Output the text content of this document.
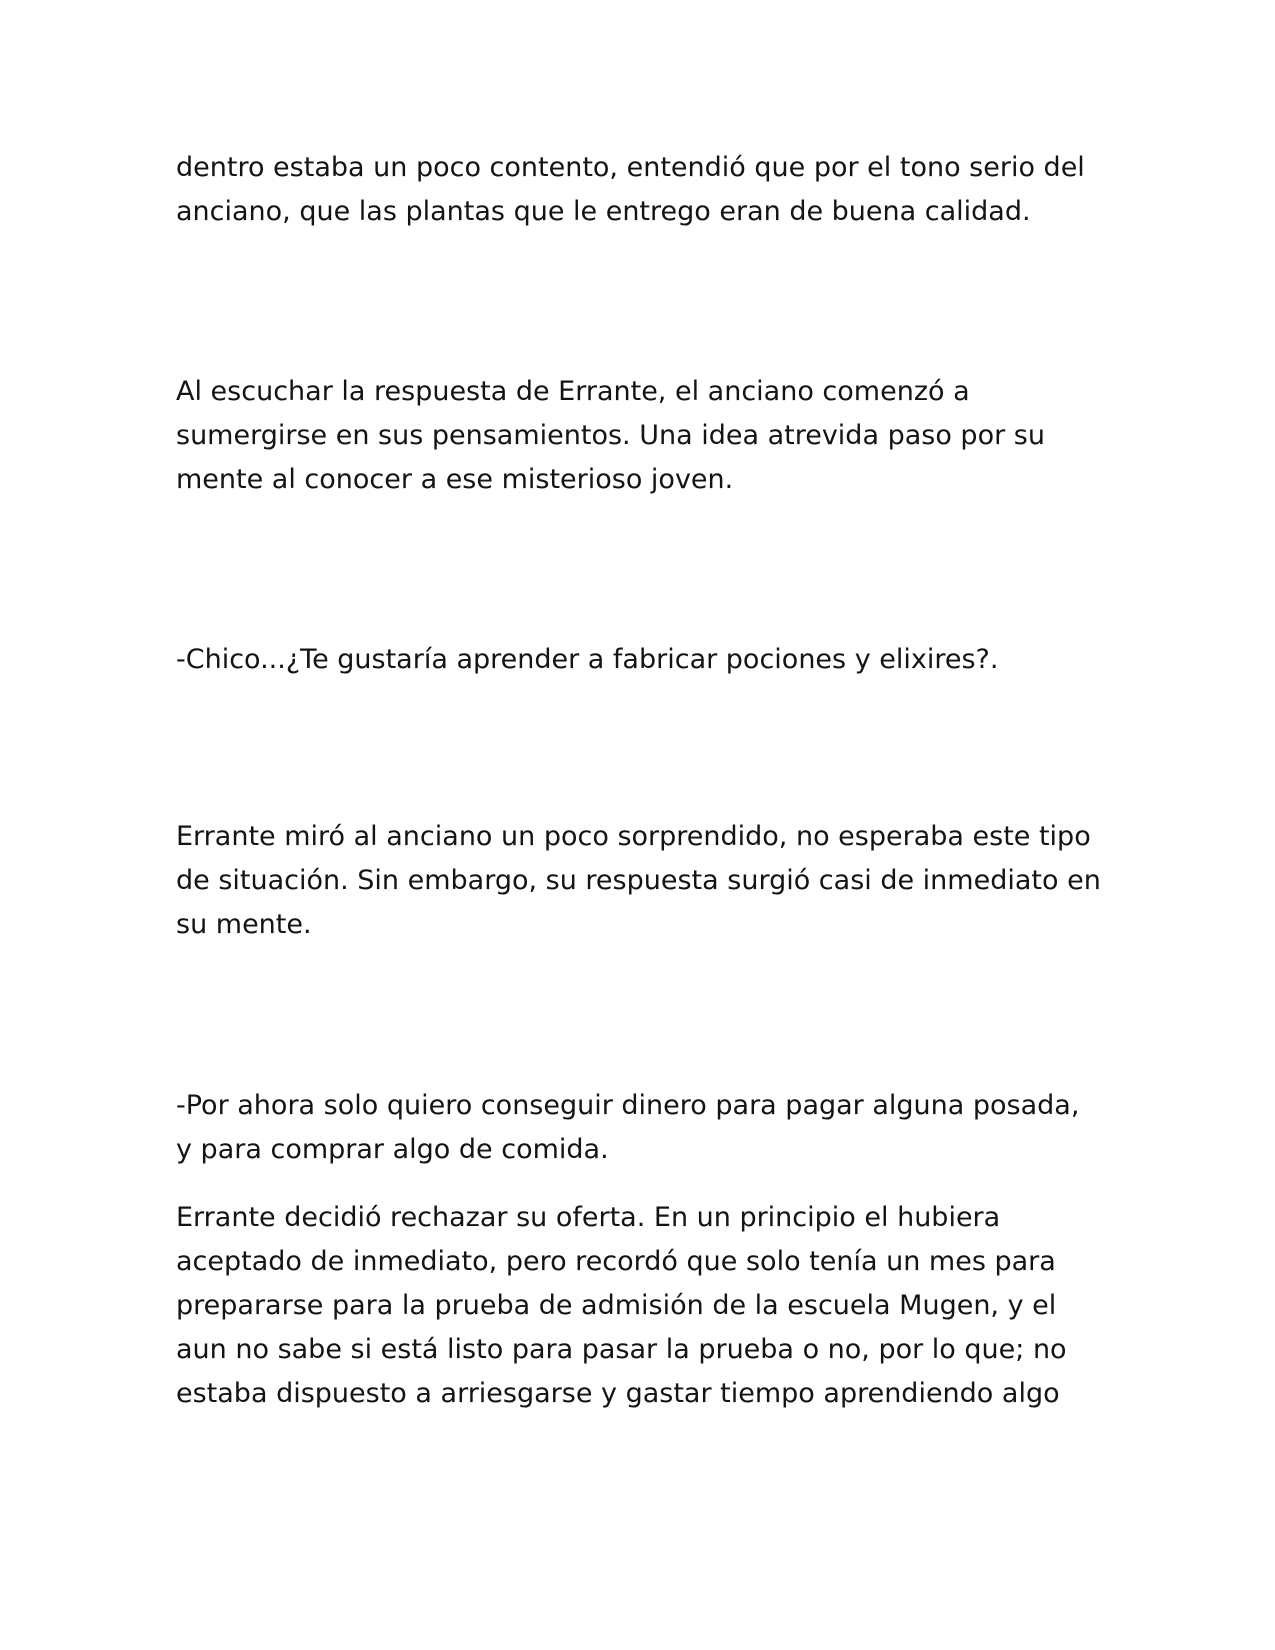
dentro estaba un poco contento, entendió que por el tono serio del
anciano, que las plantas que le entrego eran de buena calidad.

Al escuchar la respuesta de Errante, el anciano comenzó a
sumergirse en sus pensamientos. Una idea atrevida paso por su
mente al conocer a ese misterioso joven.

-Chico...¿Te gustaría aprender a fabricar pociones y elixires?.

Errante miró al anciano un poco sorprendido, no esperaba este tipo
de situación. Sin embargo, su respuesta surgió casi de inmediato en
su mente.

-Por ahora solo quiero conseguir dinero para pagar alguna posada,
y para comprar algo de comida.

Errante decidió rechazar su oferta. En un principio el hubiera
aceptado de inmediato, pero recordó que solo tenía un mes para
prepararse para la prueba de admisión de la escuela Mugen, y el
aun no sabe si está listo para pasar la prueba o no, por lo que; no
estaba dispuesto a arriesgarse y gastar tiempo aprendiendo algo
